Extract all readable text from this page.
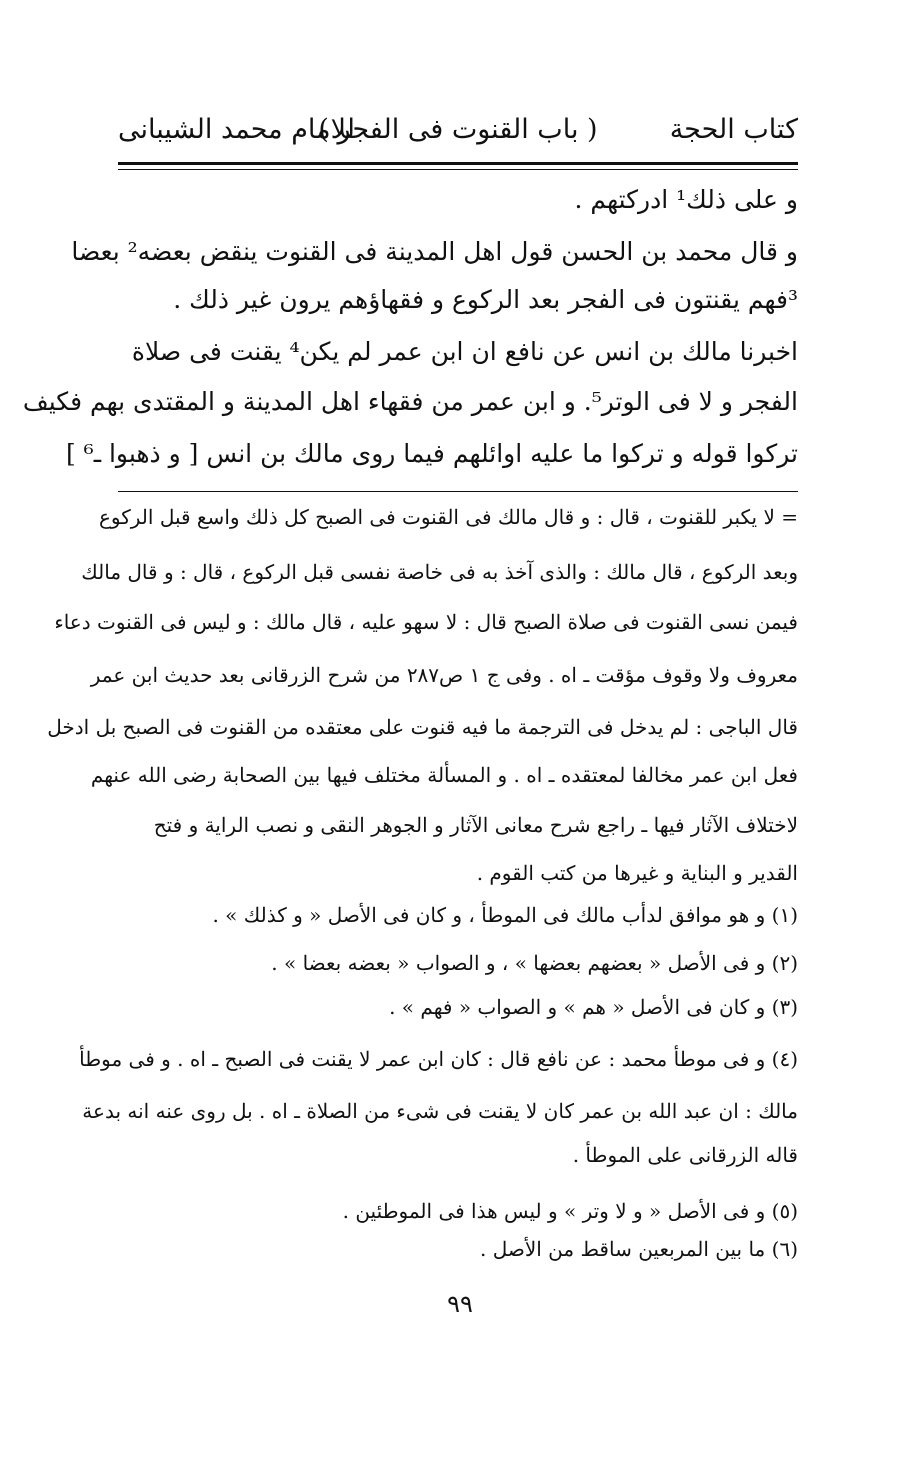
كتاب الحجة
( باب القنوت فى الفجر )
للامام محمد الشيبانى
و على ذلك¹ ادركتهم .
و قال محمد بن الحسن قول اهل المدينة فى القنوت ينقض بعضه² بعضا
³فهم يقنتون فى الفجر بعد الركوع و فقهاؤهم يرون غير ذلك .
اخبرنا مالك بن انس عن نافع ان ابن عمر لم يكن⁴ يقنت فى صلاة
الفجر و لا فى الوتر⁵. و ابن عمر من فقهاء اهل المدينة و المقتدى بهم فكيف
تركوا قوله و تركوا ما عليه اوائلهم فيما روى مالك بن انس [ و ذهبوا ـ⁶ ]
= لا يكبر للقنوت ، قال : و قال مالك فى القنوت فى الصبح كل ذلك واسع قبل الركوع
وبعد الركوع ، قال مالك : والذى آخذ به فى خاصة نفسى قبل الركوع ، قال : و قال مالك
فيمن نسى القنوت فى صلاة الصبح قال : لا سهو عليه ، قال مالك : و ليس فى القنوت دعاء
معروف ولا وقوف مؤقت ـ اه . وفى ج ١ ص٢٨٧ من شرح الزرقانى بعد حديث ابن عمر
قال الباجى : لم يدخل فى الترجمة ما فيه قنوت على معتقده من القنوت فى الصبح بل ادخل
فعل ابن عمر مخالفا لمعتقده ـ اه . و المسألة مختلف فيها بين الصحابة رضى الله عنهم
لاختلاف الآثار فيها ـ راجع شرح معانى الآثار و الجوهر النقى و نصب الراية و فتح
القدير و البناية و غيرها من كتب القوم .
(١) و هو موافق لدأب مالك فى الموطأ ، و كان فى الأصل « و كذلك » .
(٢) و فى الأصل « بعضهم بعضها » ، و الصواب « بعضه بعضا » .
(٣) و كان فى الأصل « هم » و الصواب « فهم » .
(٤) و فى موطأ محمد : عن نافع قال : كان ابن عمر لا يقنت فى الصبح ـ اه . و فى موطأ
مالك : ان عبد الله بن عمر كان لا يقنت فى شىء من الصلاة ـ اه . بل روى عنه انه بدعة
قاله الزرقانى على الموطأ .
(٥) و فى الأصل « و لا وتر » و ليس هذا فى الموطئين .
(٦) ما بين المربعين ساقط من الأصل .
٩٩
